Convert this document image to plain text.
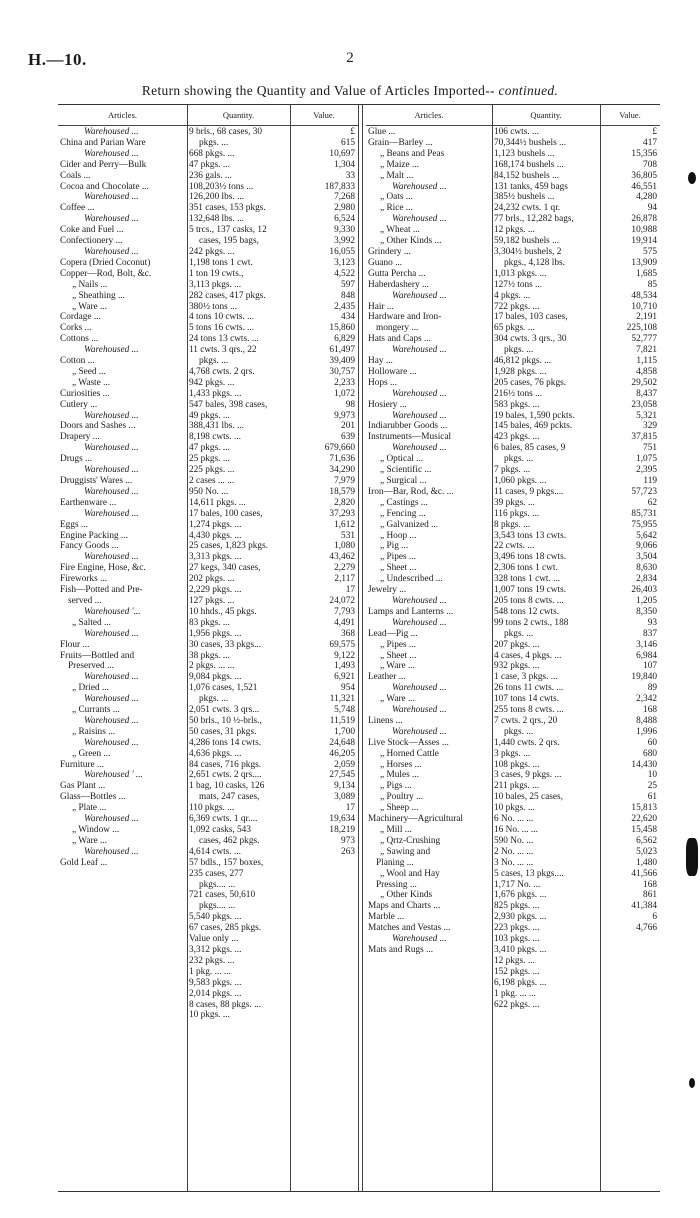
H.—10.	2
Return showing the Quantity and Value of Articles Imported-- continued.
Articles.
Warehoused ...
China and Parian Ware
Warehoused ...
Cider and Perry—Bulk
Coals ...
Cocoa and Chocolate ...
Warehoused ...
Coffee ...
Warehoused ...
Coke and Fuel ...
Confectionery ...
Warehoused ...
Copera (Dried Coconut)
Copper—Rod, Bolt, &c.
„ Nails ...
„ Sheathing ...
„ Ware ...
Cordage ...
Corks ...
Cottons ...
Warehoused ...
Cotton ...
„ Seed ...
„ Waste ...
Curiosities ...
Cutlery ...
Warehoused ...
Doors and Sashes ...
Drapery ...
Warehoused ...
Drugs ...
Warehoused ...
Druggists' Wares ...
Warehoused ...
Earthenware ...
Warehoused ...
Eggs ...
Engine Packing ...
Fancy Goods ...
Warehoused ...
Fire Engine, Hose, &c.
Fireworks ...
Fish—Potted and Pre-
served ...
Warehoused '...
„ Salted ...
Warehoused ...
Flour ...
Fruits—Bottled and
Preserved ...
Warehoused ...
„ Dried ...
Warehoused ...
„ Currants ...
Warehoused ...
„ Raisins ...
Warehoused ...
„ Green ...
Furniture ...
Warehoused ' ...
Gas Plant ...
Glass—Bottles ...
„ Plate ...
Warehoused ...
„ Window ...
„ Ware ...
Warehoused ...
Gold Leaf ...
Quantity.
9 brls., 68 cases, 30
pkgs. ...
668 pkgs. ...
47 pkgs. ...
236 gals. ...
108,203½ tons ...
126,200 lbs. ...
351 cases, 153 pkgs.
132,648 lbs. ...
5 trcs., 137 casks, 12
cases, 195 bags,
242 pkgs. ...
1,198 tons 1 cwt.
1 ton 19 cwts.,
3,113 pkgs. ...
282 cases, 417 pkgs.
380½ tons ...
4 tons 10 cwts. ...
5 tons 16 cwts. ...
24 tons 13 cwts. ...
11 cwts. 3 qrs., 22
pkgs. ...
4,768 cwts. 2 qrs.
942 pkgs. ...
1,433 pkgs. ...
547 bales, 398 cases,
49 pkgs. ...
388,431 lbs. ...
8,198 cwts. ...
47 pkgs. ...
25 pkgs. ...
225 pkgs. ...
2 cases ... ...
950 No. ...
14,611 pkgs. ...
17 bales, 100 cases,
1,274 pkgs. ...
4,430 pkgs. ...
25 cases, 1,823 pkgs.
3,313 pkgs. ...
27 kegs, 340 cases,
202 pkgs. ...
2,229 pkgs. ...
127 pkgs. ...
10 hhds., 45 pkgs.
83 pkgs. ...
1,956 pkgs. ...
30 cases, 33 pkgs...
38 pkgs. ...
2 pkgs. ... ...
9,084 pkgs. ...
1,076 cases, 1,521
pkgs. ...
2,051 cwts. 3 qrs...
50 brls., 10 ½-brls.,
50 cases, 31 pkgs.
4,286 tons 14 cwts.
4,636 pkgs. ...
84 cases, 716 pkgs.
2,651 cwts. 2 qrs....
1 bag, 10 casks, 126
mats, 247 cases,
110 pkgs. ...
6,369 cwts. 1 qr....
1,092 casks, 543
cases, 462 pkgs.
4,614 cwts. ...
57 bdls., 157 boxes,
235 cases, 277
pkgs.... ...
721 cases, 50,610
pkgs.... ...
5,540 pkgs. ...
67 cases, 285 pkgs.
Value only ...
3,312 pkgs. ...
232 pkgs. ...
1 pkg. ... ...
9,583 pkgs. ...
2,014 pkgs. ...
8 cases, 88 pkgs. ...
10 pkgs. ...
Value.
£
615
10,697
1,304
33
187,833
7,268
2,980
6,524
9,330
3,992
16,055
3,123
4,522
597
848
2,435
434
15,860
6,829
61,497
39,409
30,757
2,233
1,072
98
9,973
201
639
679,660
71,636
34,290
7,979
18,579
2,820
37,293
1,612
531
1,080
43,462
2,279
2,117
17
24,072
7,793
4,491
368
69,575
9,122
1,493
6,921
954
11,321
5,748
11,519
1,700
24,648
46,205
2,059
27,545
9,134
3,089
17
19,634
18,219
973
263
Articles.
Glue ...
Grain—Barley ...
„ Beans and Peas
„ Maize ...
„ Malt ...
Warehoused ...
„ Oats ...
„ Rice ...
Warehoused ...
„ Wheat ...
„ Other Kinds ...
Grindery ...
Guano ...
Gutta Percha ...
Haberdashery ...
Warehoused ...
Hair ...
Hardware and Iron-
mongery ...
Hats and Caps ...
Warehoused ...
Hay ...
Holloware ...
Hops ...
Warehoused ...
Hosiery ...
Warehoused ...
Indiarubber Goods ...
Instruments—Musical
Warehoused ...
„ Optical ...
„ Scientific ...
„ Surgical ...
Iron—Bar, Rod, &c. ...
„ Castings ...
„ Fencing ...
„ Galvanized ...
„ Hoop ...
„ Pig ...
„ Pipes ...
„ Sheet ...
„ Undescribed ...
Jewelry ...
Warehoused ...
Lamps and Lanterns ...
Warehoused ...
Lead—Pig ...
„ Pipes ...
„ Sheet ...
„ Ware ...
Leather ...
Warehoused ...
„ Ware ...
Warehoused ...
Linens ...
Warehoused ...
Live Stock—Asses ...
„ Horned Cattle
„ Horses ...
„ Mules ...
„ Pigs ...
„ Poultry ...
„ Sheep ...
Machinery—Agricultural
„ Mill ...
„ Qrtz-Crushing
„ Sawing and
Planing ...
„ Wool and Hay
Pressing ...
„ Other Kinds
Maps and Charts ...
Marble ...
Matches and Vestas ...
Warehoused ...
Mats and Rugs ...
Quantity.
106 cwts. ...
70,344½ bushels ...
1,123 bushels ...
168,174 bushels ...
84,152 bushels ...
131 tanks, 459 bags
385½ bushels ...
24,232 cwts. 1 qr.
77 brls., 12,282 bags,
12 pkgs. ...
59,182 bushels ...
3,304½ bushels, 2
pkgs., 4,128 lbs.
1,013 pkgs. ...
127½ tons ...
4 pkgs. ...
722 pkgs. ...
17 bales, 103 cases,
65 pkgs. ...
304 cwts. 3 qrs., 30
pkgs. ...
46,812 pkgs. ...
1,928 pkgs. ...
205 cases, 76 pkgs.
216½ tons ...
583 pkgs. ...
19 bales, 1,590 pckts.
145 bales, 469 pckts.
423 pkgs. ...
6 bales, 85 cases, 9
pkgs. ...
7 pkgs. ...
1,060 pkgs. ...
11 cases, 9 pkgs....
39 pkgs. ...
116 pkgs. ...
8 pkgs. ...
3,543 tons 13 cwts.
22 cwts. ...
3,496 tons 18 cwts.
2,306 tons 1 cwt.
328 tons 1 cwt. ...
1,007 tons 19 cwts.
205 tons 8 cwts. ...
548 tons 12 cwts.
99 tons 2 cwts., 188
pkgs. ...
207 pkgs. ...
4 cases, 4 pkgs. ...
932 pkgs. ...
1 case, 3 pkgs. ...
26 tons 11 cwts. ...
107 tons 14 cwts.
255 tons 8 cwts. ...
7 cwts. 2 qrs., 20
pkgs. ...
1,440 cwts. 2 qrs.
3 pkgs. ...
108 pkgs. ...
3 cases, 9 pkgs. ...
211 pkgs. ...
10 bales, 25 cases,
10 pkgs. ...
6 No. ... ...
16 No. ... ...
590 No. ...
2 No. ... ...
3 No. ... ...
5 cases, 13 pkgs....
1,717 No. ...
1,676 pkgs. ...
825 pkgs. ...
2,930 pkgs. ...
223 pkgs. ...
103 pkgs. ...
3,410 pkgs. ...
12 pkgs. ...
152 pkgs. ...
6,198 pkgs. ...
1 pkg. ... ...
622 pkgs. ...
Value.
£
417
15,356
708
36,805
46,551
4,280
94
26,878
10,988
19,914
575
13,909
1,685
85
48,534
10,710
2,191
225,108
52,777
7,821
1,115
4,858
29,502
8,437
23,058
5,321
329
37,815
751
1,075
2,395
119
57,723
62
85,731
75,955
5,642
9,066
3,504
8,630
2,834
26,403
1,205
8,350
93
837
3,146
6,984
107
19,840
89
2,342
168
8,488
1,996
60
680
14,430
10
25
61
15,813
22,620
15,458
6,562
5,023
1,480
41,566
168
861
41,384
6
4,766
